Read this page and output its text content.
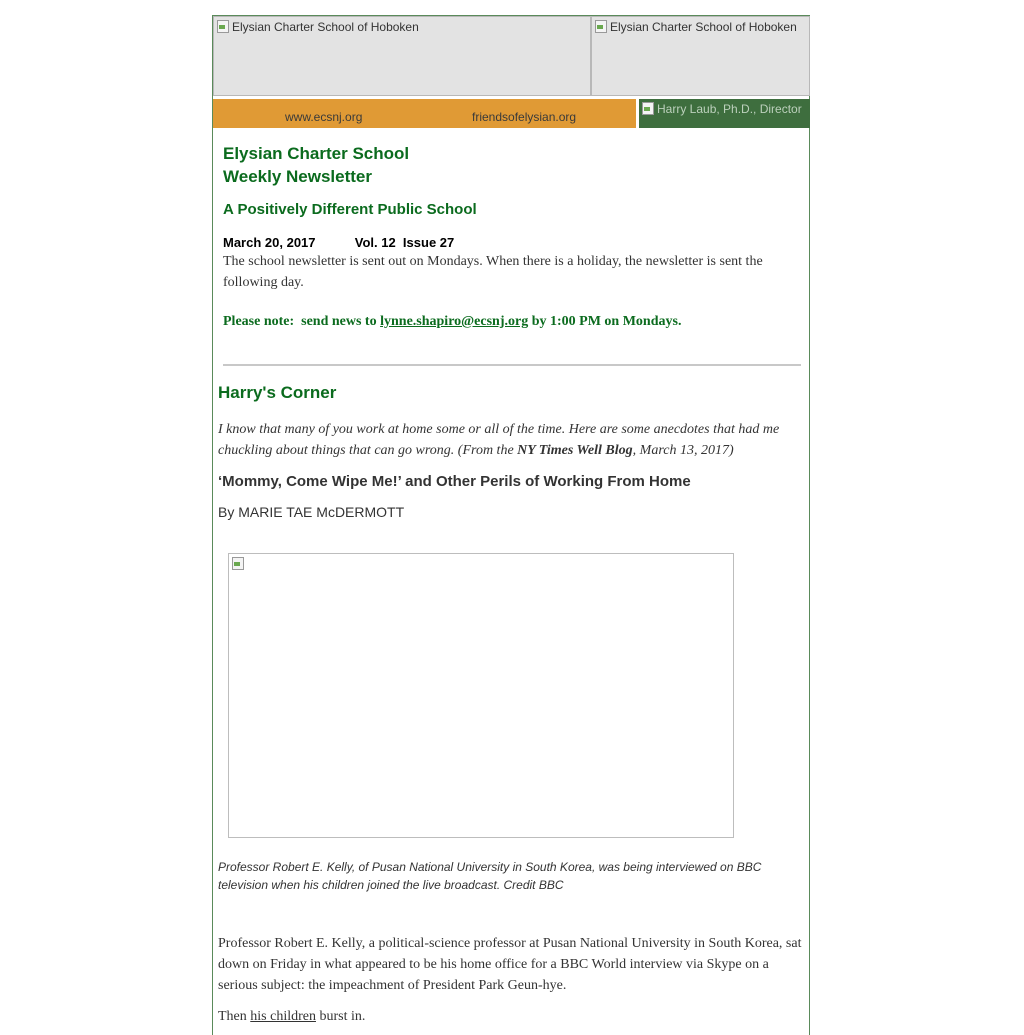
Elysian Charter School of Hoboken	Elysian Charter School of Hoboken
www.ecsnj.org	friendsofelysian.org
Harry Laub, Ph.D., Director
Elysian Charter School
Weekly Newsletter
A Positively Different Public School
March 20, 2017	Vol. 12  Issue 27
The school newsletter is sent out on Mondays. When there is a holiday, the newsletter is sent the following day.
Please note:  send news to lynne.shapiro@ecsnj.org by 1:00 PM on Mondays.
Harry's Corner
I know that many of you work at home some or all of the time. Here are some anecdotes that had me chuckling about things that can go wrong. (From the NY Times Well Blog, March 13, 2017)
‘Mommy, Come Wipe Me!’ and Other Perils of Working From Home
By MARIE TAE McDERMOTT
Professor Robert E. Kelly, of Pusan National University in South Korea, was being interviewed on BBC television when his children joined the live broadcast. Credit BBC
Professor Robert E. Kelly, a political-science professor at Pusan National University in South Korea, sat down on Friday in what appeared to be his home office for a BBC World interview via Skype on a serious subject: the impeachment of President Park Geun-hye.
Then his children burst in.
